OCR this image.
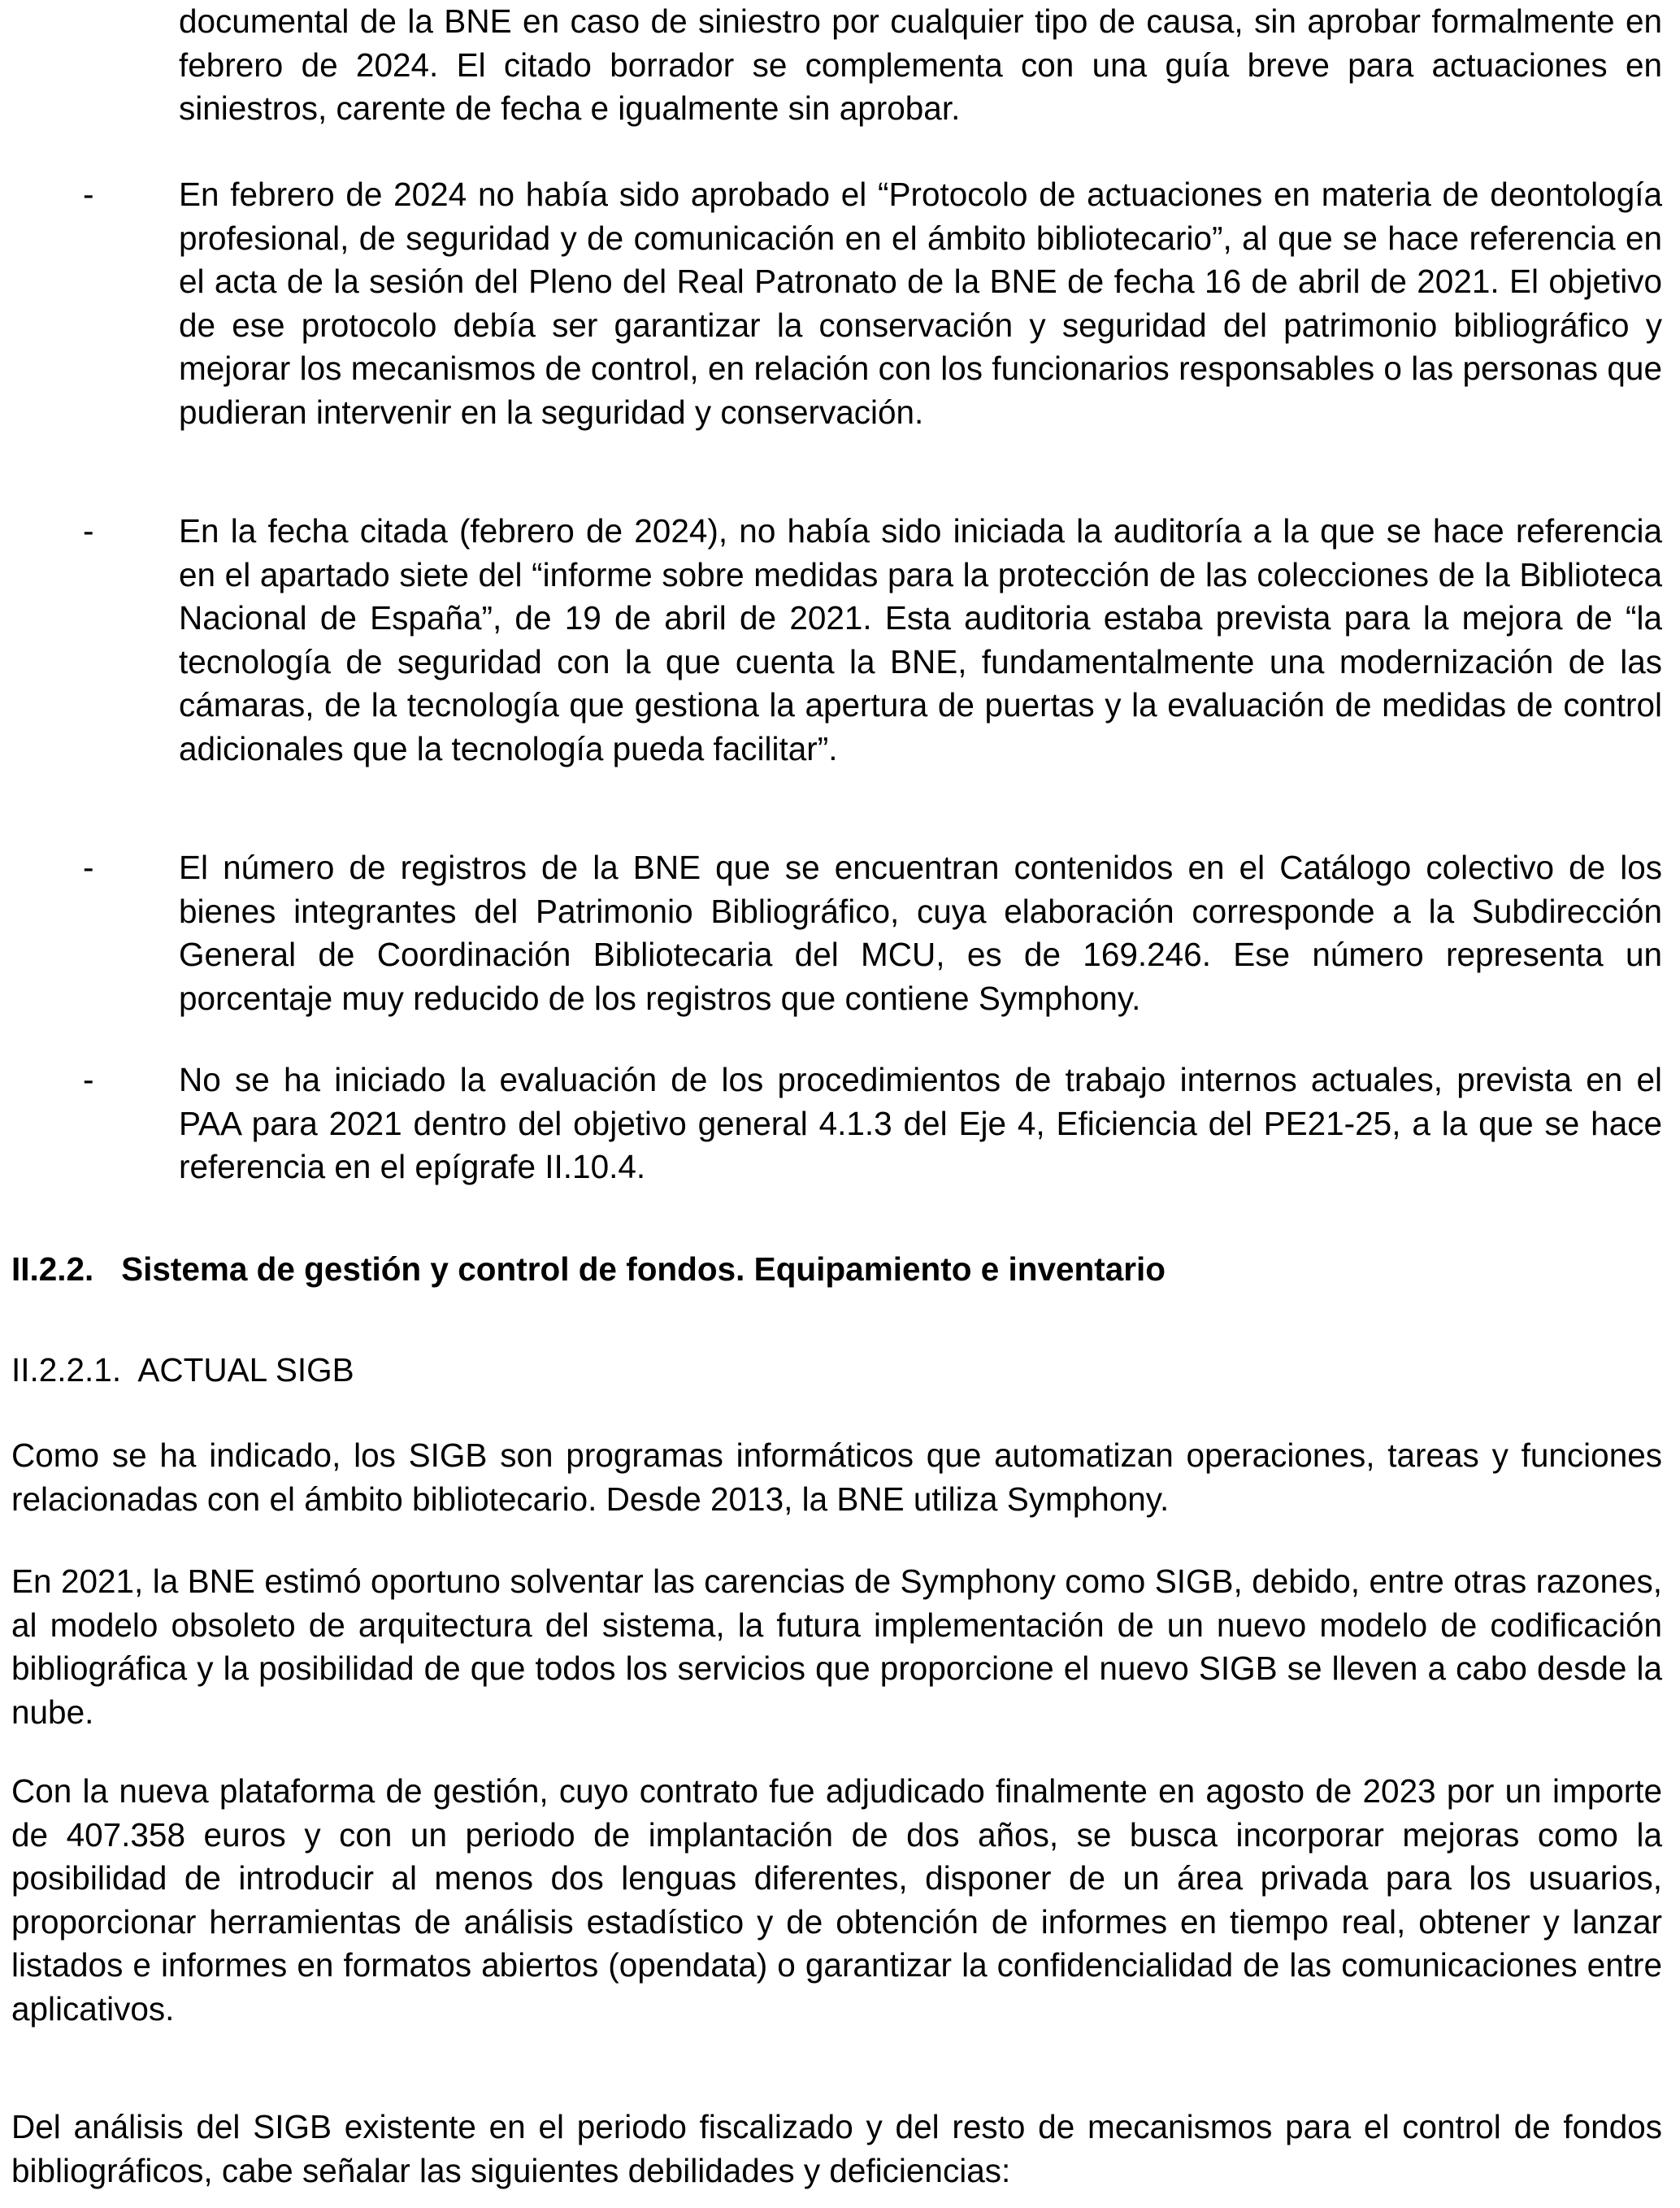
documental de la BNE en caso de siniestro por cualquier tipo de causa, sin aprobar formalmente en febrero de 2024. El citado borrador se complementa con una guía breve para actuaciones en siniestros, carente de fecha e igualmente sin aprobar.

-	En febrero de 2024 no había sido aprobado el “Protocolo de actuaciones en materia de deontología profesional, de seguridad y de comunicación en el ámbito bibliotecario”, al que se hace referencia en el acta de la sesión del Pleno del Real Patronato de la BNE de fecha 16 de abril de 2021. El objetivo de ese protocolo debía ser garantizar la conservación y seguridad del patrimonio bibliográfico y mejorar los mecanismos de control, en relación con los funcionarios responsables o las personas que pudieran intervenir en la seguridad y conservación.

-	En la fecha citada (febrero de 2024), no había sido iniciada la auditoría a la que se hace referencia en el apartado siete del “informe sobre medidas para la protección de las colecciones de la Biblioteca Nacional de España”, de 19 de abril de 2021. Esta auditoria estaba prevista para la mejora de “la tecnología de seguridad con la que cuenta la BNE, fundamentalmente una modernización de las cámaras, de la tecnología que gestiona la apertura de puertas y la evaluación de medidas de control adicionales que la tecnología pueda facilitar”.

-	El número de registros de la BNE que se encuentran contenidos en el Catálogo colectivo de los bienes integrantes del Patrimonio Bibliográfico, cuya elaboración corresponde a la Subdirección General de Coordinación Bibliotecaria del MCU, es de 169.246. Ese número representa un porcentaje muy reducido de los registros que contiene Symphony.

-	No se ha iniciado la evaluación de los procedimientos de trabajo internos actuales, prevista en el PAA para 2021 dentro del objetivo general 4.1.3 del Eje 4, Eficiencia del PE21-25, a la que se hace referencia en el epígrafe II.10.4.

II.2.2.   Sistema de gestión y control de fondos. Equipamiento e inventario
II.2.2.1.  ACTUAL SIGB

Como se ha indicado, los SIGB son programas informáticos que automatizan operaciones, tareas y funciones relacionadas con el ámbito bibliotecario. Desde 2013, la BNE utiliza Symphony.

En 2021, la BNE estimó oportuno solventar las carencias de Symphony como SIGB, debido, entre otras razones, al modelo obsoleto de arquitectura del sistema, la futura implementación de un nuevo modelo de codificación bibliográfica y la posibilidad de que todos los servicios que proporcione el nuevo SIGB se lleven a cabo desde la nube.

Con la nueva plataforma de gestión, cuyo contrato fue adjudicado finalmente en agosto de 2023 por un importe de 407.358 euros y con un periodo de implantación de dos años, se busca incorporar mejoras como la posibilidad de introducir al menos dos lenguas diferentes, disponer de un área privada para los usuarios, proporcionar herramientas de análisis estadístico y de obtención de informes en tiempo real, obtener y lanzar listados e informes en formatos abiertos (opendata) o garantizar la confidencialidad de las comunicaciones entre aplicativos.

Del análisis del SIGB existente en el periodo fiscalizado y del resto de mecanismos para el control de fondos bibliográficos, cabe señalar las siguientes debilidades y deficiencias:
